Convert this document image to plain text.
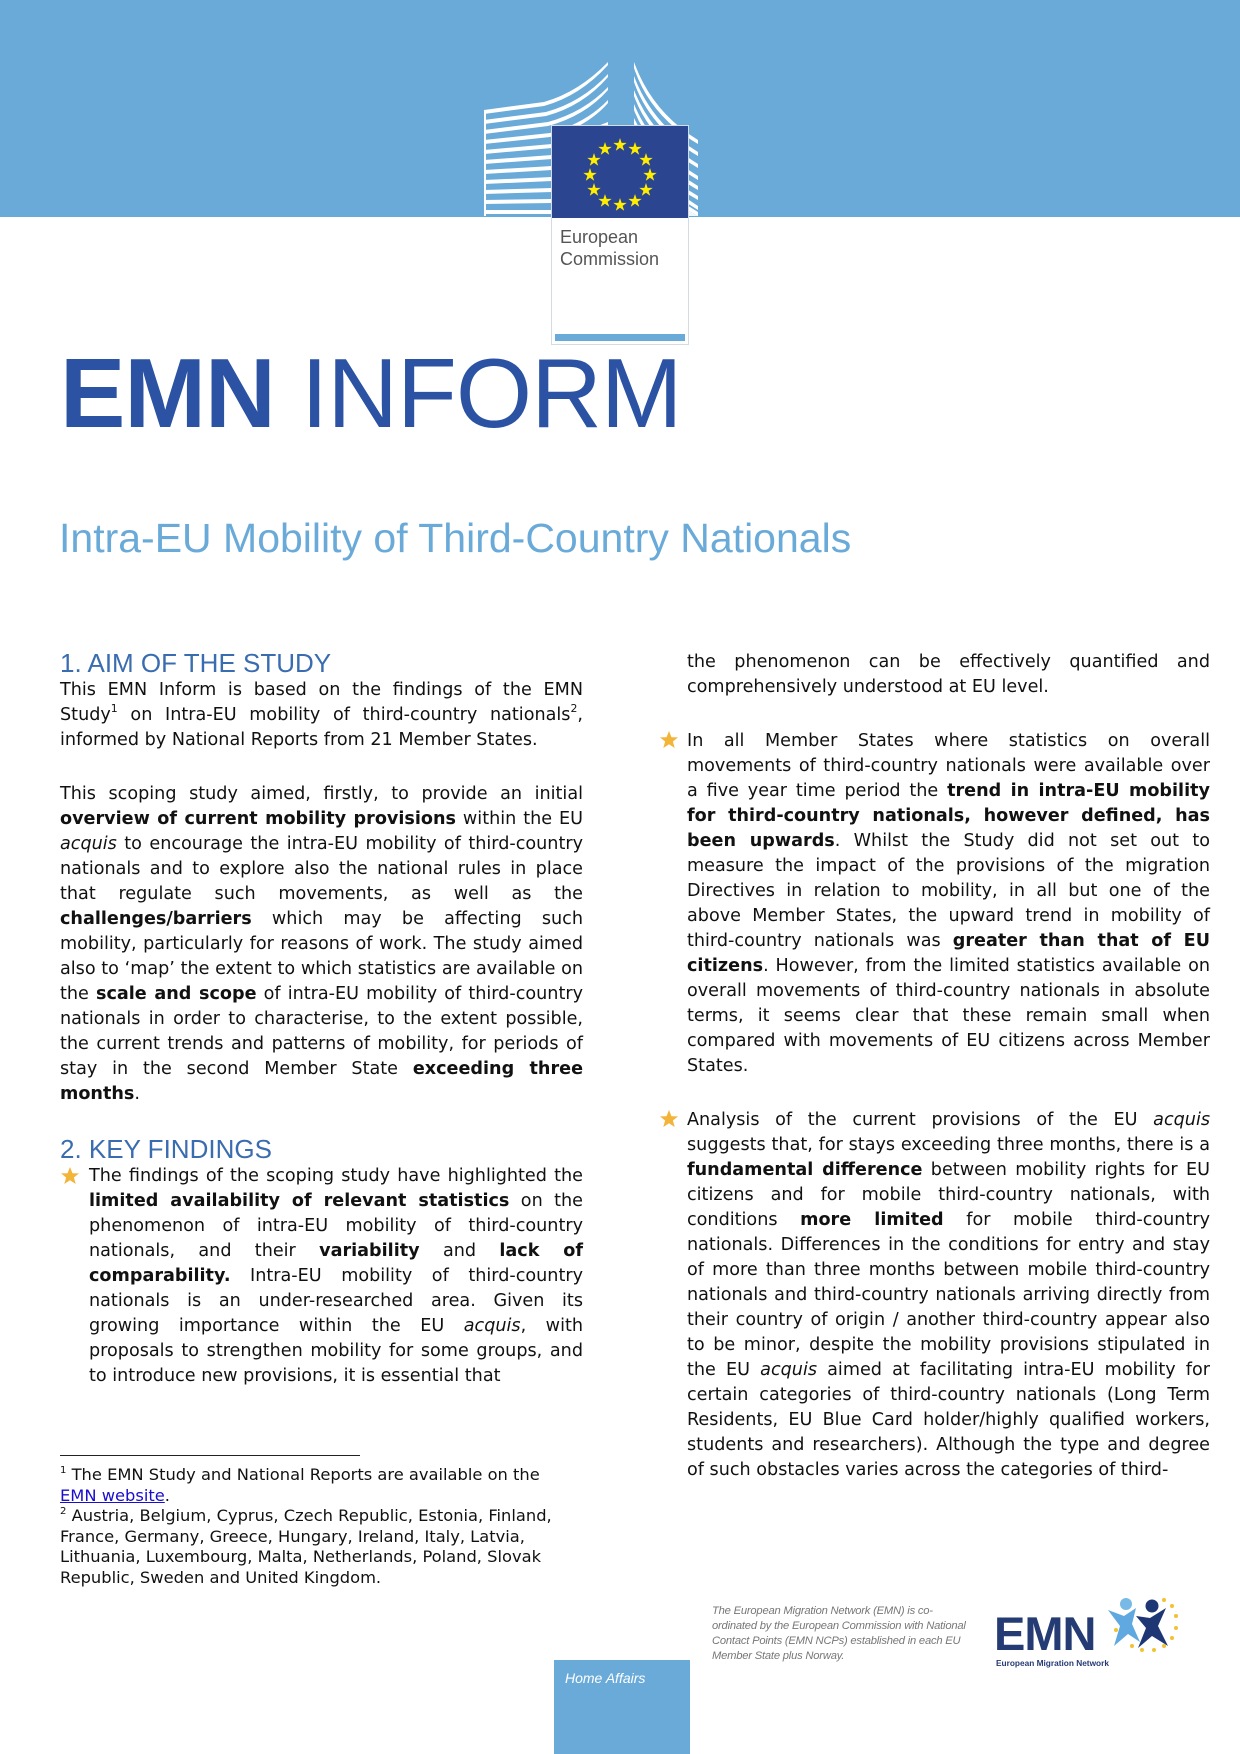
European
Commission
EMN INFORM
Intra-EU Mobility of Third-Country Nationals
1. AIM OF THE STUDY

This EMN Inform is based on the findings of the EMN Study$^1$ on Intra-EU mobility of third-country nationals$^2$, informed by National Reports from 21 Member States.

This scoping study aimed, firstly, to provide an initial overview of current mobility provisions within the EU acquis to encourage the intra-EU mobility of third-country nationals and to explore also the national rules in place that regulate such movements, as well as the challenges/barriers which may be affecting such mobility, particularly for reasons of work. The study aimed also to ‘map’ the extent to which statistics are available on the scale and scope of intra-EU mobility of third-country nationals in order to characterise, to the extent possible, the current trends and patterns of mobility, for periods of stay in the second Member State exceeding three months.

2. KEY FINDINGS

The findings of the scoping study have highlighted the limited availability of relevant statistics on the phenomenon of intra-EU mobility of third-country nationals, and their variability and lack of comparability. Intra-EU mobility of third-country nationals is an under-researched area. Given its growing importance within the EU acquis, with proposals to strengthen mobility for some groups, and to introduce new provisions, it is essential that

$^1$ The EMN Study and National Reports are available on the EMN website.

$^2$ Austria, Belgium, Cyprus, Czech Republic, Estonia, Finland, France, Germany, Greece, Hungary, Ireland, Italy, Latvia, Lithuania, Luxembourg, Malta, Netherlands, Poland, Slovak Republic, Sweden and United Kingdom.

the phenomenon can be effectively quantified and comprehensively understood at EU level.

In all Member States where statistics on overall movements of third-country nationals were available over a five year time period the trend in intra-EU mobility for third-country nationals, however defined, has been upwards. Whilst the Study did not set out to measure the impact of the provisions of the migration Directives in relation to mobility, in all but one of the above Member States, the upward trend in mobility of third-country nationals was greater than that of EU citizens. However, from the limited statistics available on overall movements of third-country nationals in absolute terms, it seems clear that these remain small when compared with movements of EU citizens across Member States.

Analysis of the current provisions of the EU acquis suggests that, for stays exceeding three months, there is a fundamental difference between mobility rights for EU citizens and for mobile third-country nationals, with conditions more limited for mobile third-country nationals. Differences in the conditions for entry and stay of more than three months between mobile third-country nationals and third-country nationals arriving directly from their country of origin / another third-country appear also to be minor, despite the mobility provisions stipulated in the EU acquis aimed at facilitating intra-EU mobility for certain categories of third-country nationals (Long Term Residents, EU Blue Card holder/highly qualified workers, students and researchers). Although the type and degree of such obstacles varies across the categories of third-

The European Migration Network (EMN) is co-ordinated by the European Commission with National Contact Points (EMN NCPs) established in each EU Member State plus Norway.	EMN
European Migration Network
Home Affairs
